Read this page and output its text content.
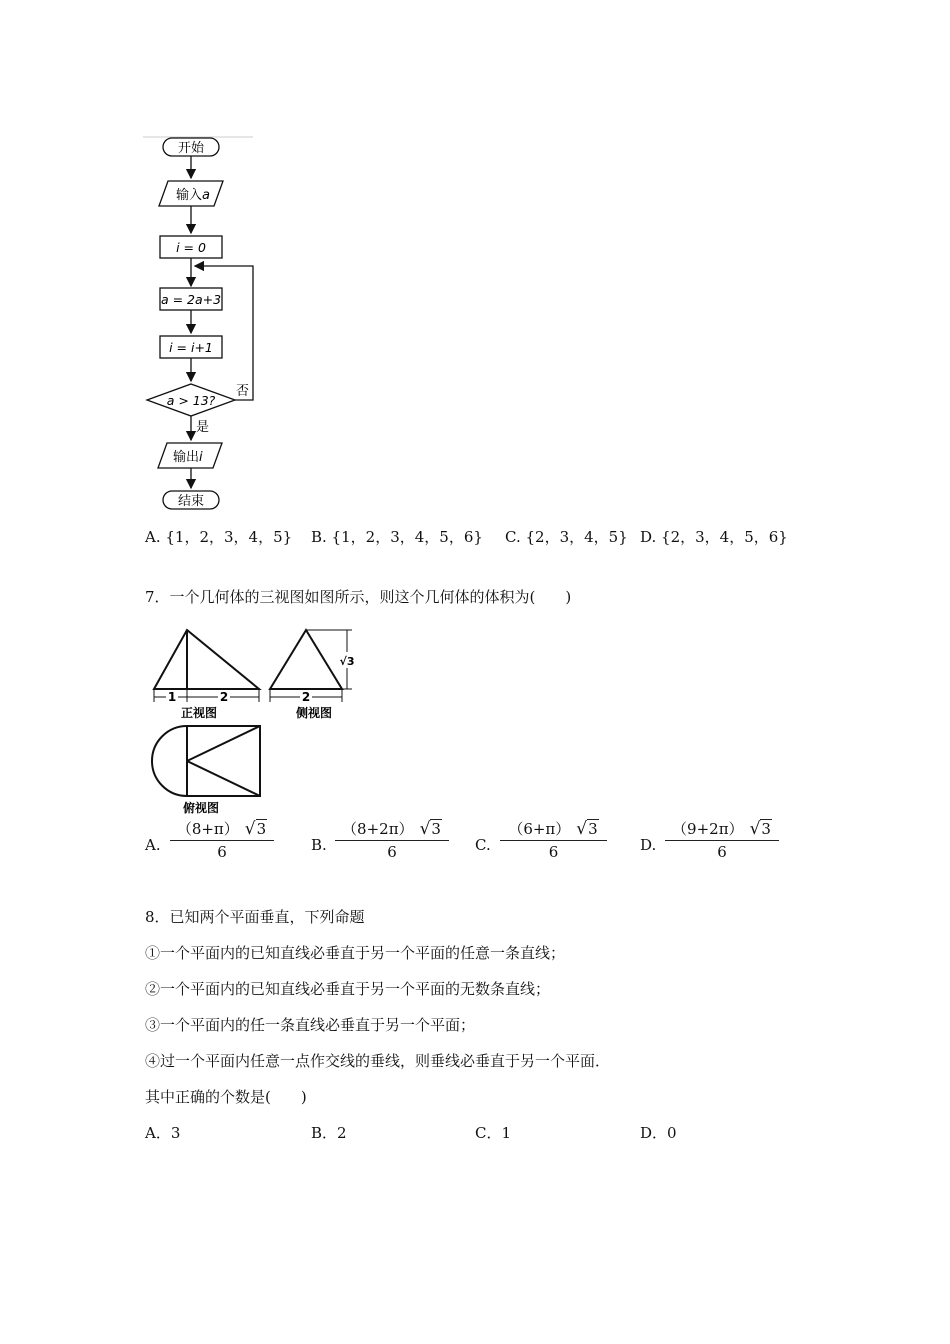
开始
输入a
i = 0
a = 2a+3
i = i+1
a > 13?
否
是
输出i
结束
A. {1，2，3，4，5} B. {1，2，3，4，5，6} C. {2，3，4，5} D. {2，3，4，5，6}
7．一个几何体的三视图如图所示，则这个几何体的体积为(　　)
1	2
正视图
√3
2
侧视图
俯视图
A.
（8+π） √3
6	B.
（8+2π） √3
6	C.
（6+π） √3
6	D.
（9+2π） √3
6
8．已知两个平面垂直，下列命题
①一个平面内的已知直线必垂直于另一个平面的任意一条直线；
②一个平面内的已知直线必垂直于另一个平面的无数条直线；
③一个平面内的任一条直线必垂直于另一个平面；
④过一个平面内任意一点作交线的垂线，则垂线必垂直于另一个平面．
其中正确的个数是(　　)
A．3	B．2	C．1	D．0
